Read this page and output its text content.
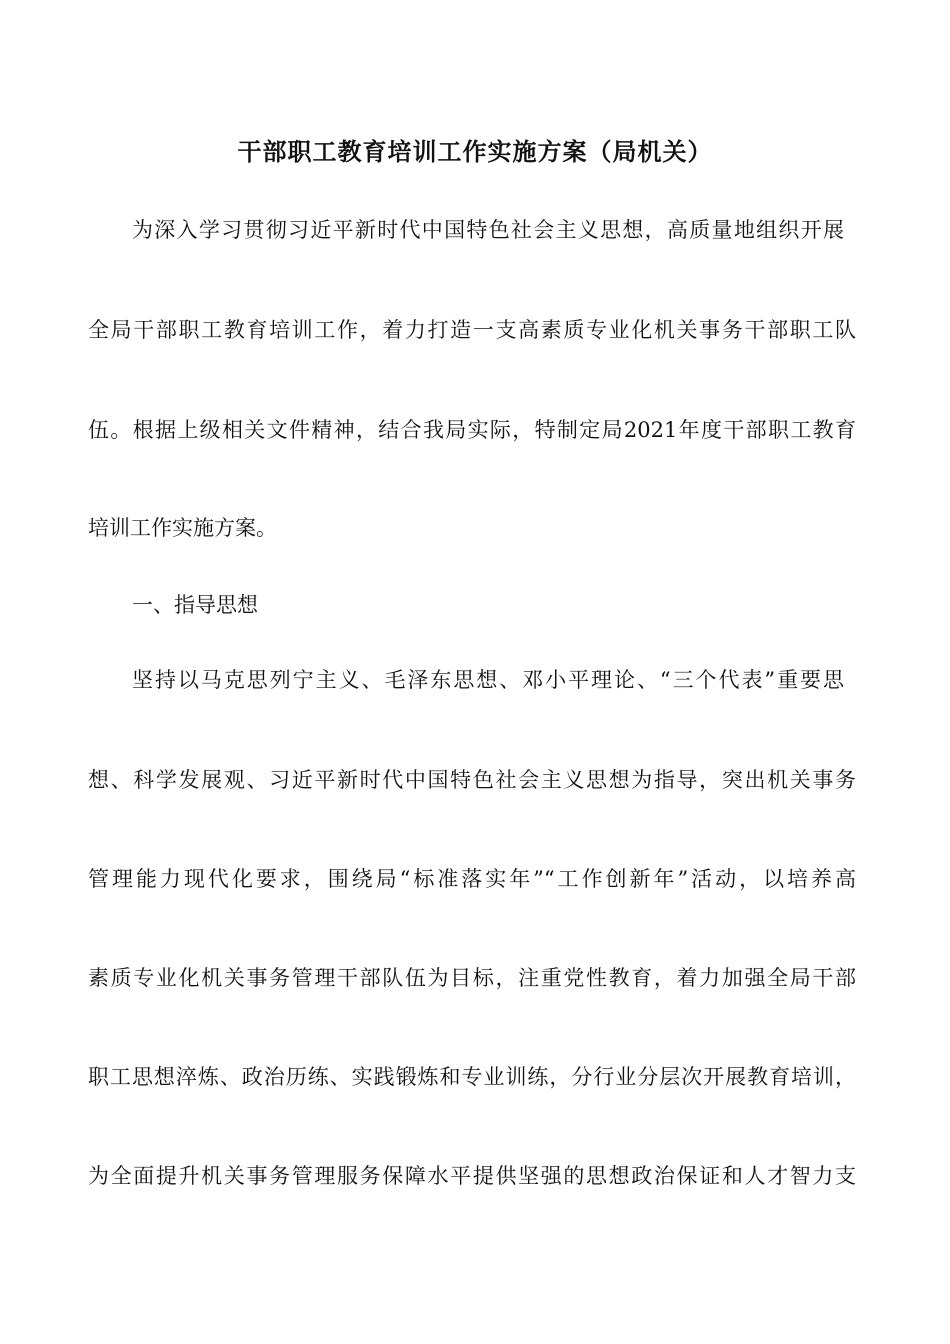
干部职工教育培训工作实施方案（局机关）
为深入学习贯彻习近平新时代中国特色社会主义思想，高质量地组织开展
全局干部职工教育培训工作，着力打造一支高素质专业化机关事务干部职工队
伍。根据上级相关文件精神，结合我局实际，特制定局2021年度干部职工教育
培训工作实施方案。
一、指导思想
坚持以马克思列宁主义、毛泽东思想、邓小平理论、“三个代表”重要思
想、科学发展观、习近平新时代中国特色社会主义思想为指导，突出机关事务
管理能力现代化要求，围绕局“标准落实年”“工作创新年”活动，以培养高
素质专业化机关事务管理干部队伍为目标，注重党性教育，着力加强全局干部
职工思想淬炼、政治历练、实践锻炼和专业训练，分行业分层次开展教育培训，
为全面提升机关事务管理服务保障水平提供坚强的思想政治保证和人才智力支
